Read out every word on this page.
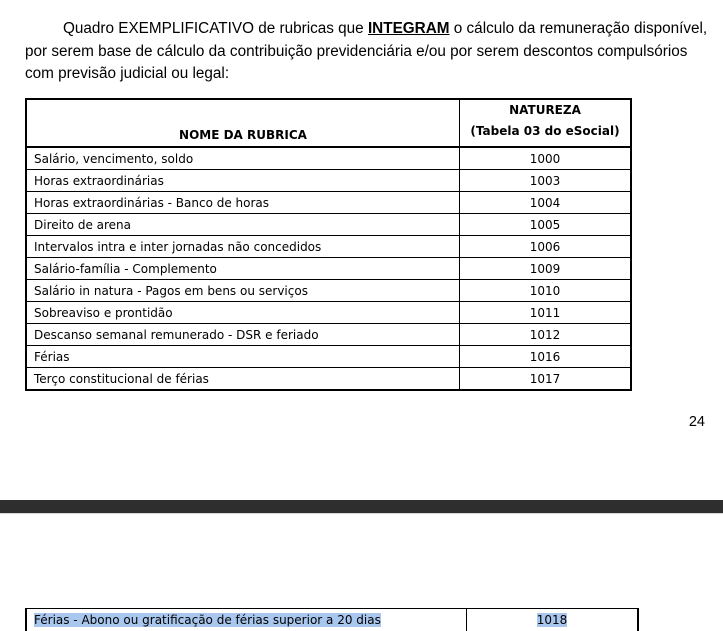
Quadro EXEMPLIFICATIVO de rubricas que INTEGRAM o cálculo da remuneração disponível, por serem base de cálculo da contribuição previdenciária e/ou por serem descontos compulsórios com previsão judicial ou legal:

NOME DA RUBRICA	NATUREZA
(Tabela 03 do eSocial)

Salário, vencimento, soldo	1000
Horas extraordinárias	1003
Horas extraordinárias - Banco de horas	1004
Direito de arena	1005
Intervalos intra e inter jornadas não concedidos	1006
Salário-família - Complemento	1009
Salário in natura - Pagos em bens ou serviços	1010
Sobreaviso e prontidão	1011
Descanso semanal remunerado - DSR e feriado	1012
Férias	1016
Terço constitucional de férias	1017
24
Férias - Abono ou gratificação de férias superior a 20 dias	1018
